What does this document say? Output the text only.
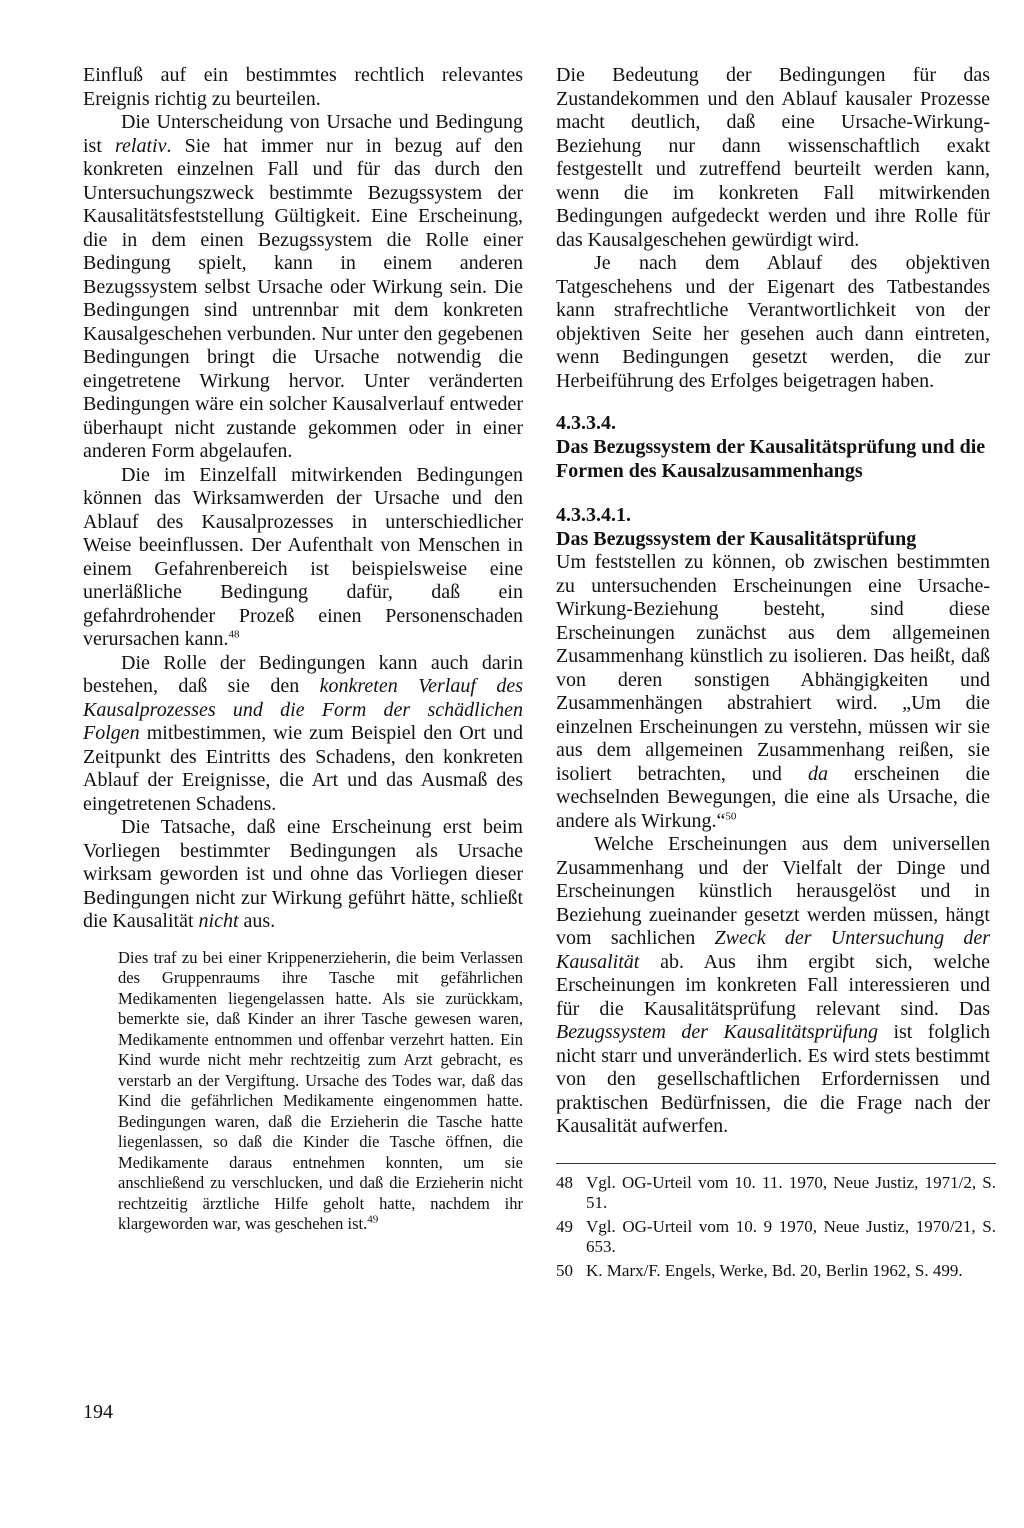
Einfluß auf ein bestimmtes rechtlich relevantes Ereignis richtig zu beurteilen.

Die Unterscheidung von Ursache und Bedingung ist relativ. Sie hat immer nur in bezug auf den konkreten einzelnen Fall und für das durch den Untersuchungszweck bestimmte Bezugssystem der Kausalitätsfeststellung Gültigkeit. Eine Erscheinung, die in dem einen Bezugssystem die Rolle einer Bedingung spielt, kann in einem anderen Bezugssystem selbst Ursache oder Wirkung sein. Die Bedingungen sind untrennbar mit dem konkreten Kausalgeschehen verbunden. Nur unter den gegebenen Bedingungen bringt die Ursache notwendig die eingetretene Wirkung hervor. Unter veränderten Bedingungen wäre ein solcher Kausalverlauf entweder überhaupt nicht zustande gekommen oder in einer anderen Form abgelaufen.

Die im Einzelfall mitwirkenden Bedingungen können das Wirksamwerden der Ursache und den Ablauf des Kausalprozesses in unterschiedlicher Weise beeinflussen. Der Aufenthalt von Menschen in einem Gefahrenbereich ist beispielsweise eine unerläßliche Bedingung dafür, daß ein gefahrdrohender Prozeß einen Personenschaden verursachen kann.$^{48}$

Die Rolle der Bedingungen kann auch darin bestehen, daß sie den konkreten Verlauf des Kausalprozesses und die Form der schädlichen Folgen mitbestimmen, wie zum Beispiel den Ort und Zeitpunkt des Eintritts des Schadens, den konkreten Ablauf der Ereignisse, die Art und das Ausmaß des eingetretenen Schadens.

Die Tatsache, daß eine Erscheinung erst beim Vorliegen bestimmter Bedingungen als Ursache wirksam geworden ist und ohne das Vorliegen dieser Bedingungen nicht zur Wirkung geführt hätte, schließt die Kausalität nicht aus.

Dies traf zu bei einer Krippenerzieherin, die beim Verlassen des Gruppenraums ihre Tasche mit gefährlichen Medikamenten liegengelassen hatte. Als sie zurückkam, bemerkte sie, daß Kinder an ihrer Tasche gewesen waren, Medikamente entnommen und offenbar verzehrt hatten. Ein Kind wurde nicht mehr rechtzeitig zum Arzt gebracht, es verstarb an der Vergiftung. Ursache des Todes war, daß das Kind die gefährlichen Medikamente eingenommen hatte. Bedingungen waren, daß die Erzieherin die Tasche hatte liegenlassen, so daß die Kinder die Tasche öffnen, die Medikamente daraus entnehmen konnten, um sie anschließend zu verschlucken, und daß die Erzieherin nicht rechtzeitig ärztliche Hilfe geholt hatte, nachdem ihr klargeworden war, was geschehen ist.$^{49}$

Die Bedeutung der Bedingungen für das Zustandekommen und den Ablauf kausaler Prozesse macht deutlich, daß eine Ursache-Wirkung-Beziehung nur dann wissenschaftlich exakt festgestellt und zutreffend beurteilt werden kann, wenn die im konkreten Fall mitwirkenden Bedingungen aufgedeckt werden und ihre Rolle für das Kausalgeschehen gewürdigt wird.

Je nach dem Ablauf des objektiven Tatgeschehens und der Eigenart des Tatbestandes kann strafrechtliche Verantwortlichkeit von der objektiven Seite her gesehen auch dann eintreten, wenn Bedingungen gesetzt werden, die zur Herbeiführung des Erfolges beigetragen haben.

4.3.3.4.
Das Bezugssystem der Kausalitätsprüfung und die Formen des Kausalzusammenhangs
4.3.3.4.1.
Das Bezugssystem der Kausalitätsprüfung

Um feststellen zu können, ob zwischen bestimmten zu untersuchenden Erscheinungen eine Ursache-Wirkung-Beziehung besteht, sind diese Erscheinungen zunächst aus dem allgemeinen Zusammenhang künstlich zu isolieren. Das heißt, daß von deren sonstigen Abhängigkeiten und Zusammenhängen abstrahiert wird. „Um die einzelnen Erscheinungen zu verstehn, müssen wir sie aus dem allgemeinen Zusammenhang reißen, sie isoliert betrachten, und da erscheinen die wechselnden Bewegungen, die eine als Ursache, die andere als Wirkung.“$^{50}$

Welche Erscheinungen aus dem universellen Zusammenhang und der Vielfalt der Dinge und Erscheinungen künstlich herausgelöst und in Beziehung zueinander gesetzt werden müssen, hängt vom sachlichen Zweck der Untersuchung der Kausalität ab. Aus ihm ergibt sich, welche Erscheinungen im konkreten Fall interessieren und für die Kausalitätsprüfung relevant sind. Das Bezugssystem der Kausalitätsprüfung ist folglich nicht starr und unveränderlich. Es wird stets bestimmt von den gesellschaftlichen Erfordernissen und praktischen Bedürfnissen, die die Frage nach der Kausalität aufwerfen.

48 Vgl. OG-Urteil vom 10. 11. 1970, Neue Justiz, 1971/2, S. 51.
49 Vgl. OG-Urteil vom 10. 9 1970, Neue Justiz, 1970/21, S. 653.
50 K. Marx/F. Engels, Werke, Bd. 20, Berlin 1962, S. 499.
194
